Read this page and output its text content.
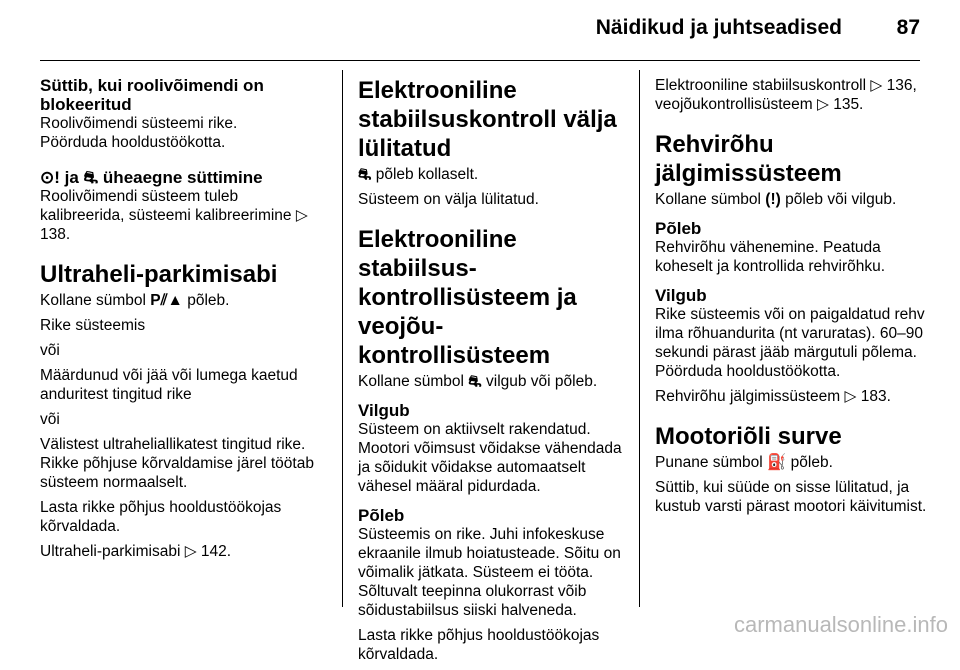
Näidikud ja juhtseadised	87
Süttib, kui roolivõimendi on blokeeritud

Roolivõimendi süsteemi rike.

Pöörduda hooldustöökotta.

⊙! ja ⛐ üheaegne süttimine

Roolivõimendi süsteem tuleb kalibreerida, süsteemi kalibreerimine ▷ 138.

Ultraheli-parkimisabi

Kollane sümbol P⫽▲ põleb.

Rike süsteemis

või

Määrdunud või jää või lumega kaetud anduritest tingitud rike

või

Välistest ultraheliallikatest tingitud rike. Rikke põhjuse kõrvaldamise järel töötab süsteem normaalselt.

Lasta rikke põhjus hooldustöökojas kõrvaldada.

Ultraheli-parkimisabi ▷ 142.

Elektrooniline stabiilsuskontroll välja lülitatud

⛐ põleb kollaselt.

Süsteem on välja lülitatud.

Elektrooniline stabiilsus-kontrollisüsteem ja veojõu-kontrollisüsteem

Kollane sümbol ⛐ vilgub või põleb.

Vilgub

Süsteem on aktiivselt rakendatud. Mootori võimsust võidakse vähendada ja sõidukit võidakse automaatselt vähesel määral pidurdada.

Põleb

Süsteemis on rike. Juhi infokeskuse ekraanile ilmub hoiatusteade. Sõitu on võimalik jätkata. Süsteem ei tööta. Sõltuvalt teepinna olukorrast võib sõidustabiilsus siiski halveneda.

Lasta rikke põhjus hooldustöökojas kõrvaldada.

Elektrooniline stabiilsuskontroll ▷ 136, veojõukontrollisüsteem ▷ 135.

Rehvirõhu jälgimissüsteem

Kollane sümbol (!) põleb või vilgub.

Põleb

Rehvirõhu vähenemine. Peatuda koheselt ja kontrollida rehvirõhku.

Vilgub

Rike süsteemis või on paigaldatud rehv ilma rõhuandurita (nt varuratas). 60–90 sekundi pärast jääb märgutuli põlema. Pöörduda hooldustöökotta.

Rehvirõhu jälgimissüsteem ▷ 183.

Mootoriõli surve

Punane sümbol ⛽ põleb.

Süttib, kui süüde on sisse lülitatud, ja kustub varsti pärast mootori käivitumist.

carmanualsonline.info
